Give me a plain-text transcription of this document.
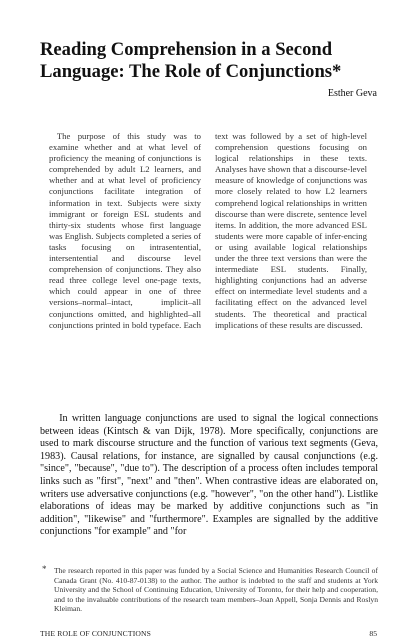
Reading Comprehension in a Second Language: The Role of Conjunctions*

Esther Geva

The purpose of this study was to examine whether and at what level of proficiency the meaning of conjunctions is comprehended by adult L2 learners, and whether and at what level of proficiency conjunctions facilitate integration of information in text. Subjects were sixty immigrant or foreign ESL students and thirty-six students whose first language was English. Subjects completed a series of tasks focusing on intrasentential, intersentential and discourse level comprehension of conjunctions. They also read three college level one-page texts, which could appear in one of three versions–normal–intact, implicit–all conjunctions omitted, and highlighted–all conjunctions printed in bold typeface. Each text was followed by a set of high-level comprehension questions focusing on logical relationships in these texts. Analyses have shown that a discourse-level measure of knowledge of conjunctions was more closely related to how L2 learners comprehend logical relationships in written discourse than were discrete, sentence level items. In addition, the more advanced ESL students were more capable of infer-encing or using available logical relationships under the three text versions than were the intermediate ESL students. Finally, highlighting conjunctions had an adverse effect on intermediate level students and a facilitating effect on the advanced level students. The theoretical and practical implications of these results are discussed.

In written language conjunctions are used to signal the logical connections between ideas (Kintsch & van Dijk, 1978). More specifically, conjunctions are used to mark discourse structure and the function of various text segments (Geva, 1983). Causal relations, for instance, are signalled by causal conjunctions (e.g. "since", "because", "due to"). The description of a process often includes temporal links such as "first", "next" and "then". When contrastive ideas are elaborated on, writers use adversative conjunctions (e.g. "however", "on the other hand"). Listlike elaborations of ideas may be marked by additive conjunctions such as "in addition", "likewise" and "furthermore". Examples are signalled by the additive conjunctions "for example" and "for

* The research reported in this paper was funded by a Social Science and Humanities Research Council of Canada Grant (No. 410-87-0138) to the author. The author is indebted to the staff and students at York University and the School of Continuing Education, University of Toronto, for their help and cooperation, and to the invaluable contributions of the research team members–Joan Appell, Sonja Dennis and Roslyn Kleiman.
THE ROLE OF CONJUNCTIONS	85
